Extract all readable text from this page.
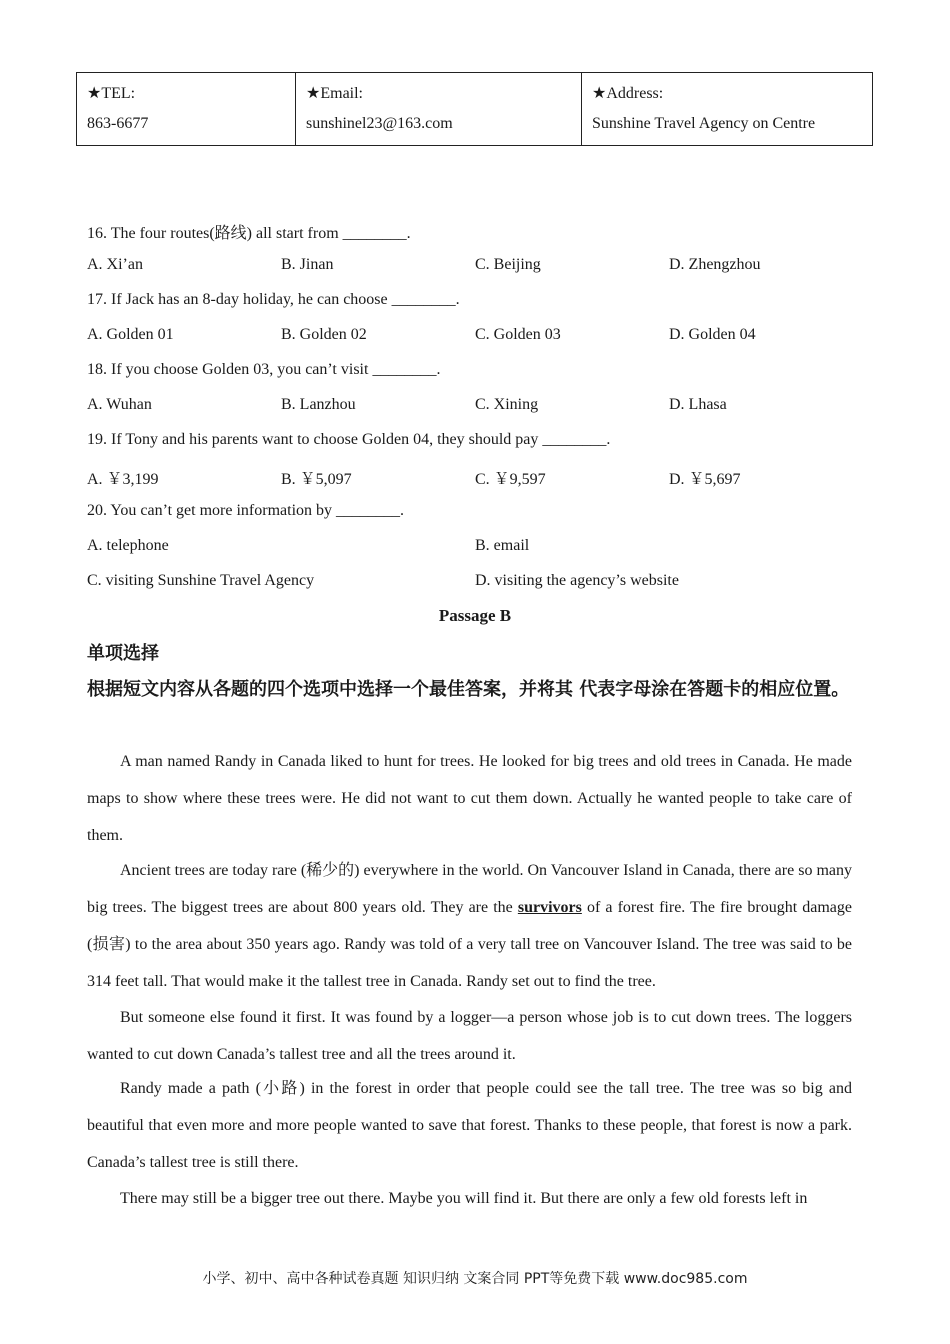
★TEL:
863-6677

★Email:
sunshinel23@163.com

★Address:
Sunshine Travel Agency on Centre
16. The four routes(路线) all start from ________.
A. Xi’an	B. Jinan	C. Beijing	D. Zhengzhou
17. If Jack has an 8-day holiday, he can choose ________.
A. Golden 01	B. Golden 02	C. Golden 03	D. Golden 04
18. If you choose Golden 03, you can’t visit ________.
A. Wuhan	B. Lanzhou	C. Xining	D. Lhasa
19. If Tony and his parents want to choose Golden 04, they should pay ________.
A. ￥3,199	B. ￥5,097	C. ￥9,597	D. ￥5,697
20. You can’t get more information by ________.
A. telephone	B. email
C. visiting Sunshine Travel Agency	D. visiting the agency’s website
Passage B
单项选择
根据短文内容从各题的四个选项中选择一个最佳答案，并将其 代表字母涂在答题卡的相应位置。
A man named Randy in Canada liked to hunt for trees. He looked for big trees and old trees in Canada. He made maps to show where these trees were. He did not want to cut them down. Actually he wanted people to take care of them.
Ancient trees are today rare (稀少的) everywhere in the world. On Vancouver Island in Canada, there are so many big trees. The biggest trees are about 800 years old. They are the survivors of a forest fire. The fire brought damage (损害) to the area about 350 years ago. Randy was told of a very tall tree on Vancouver Island. The tree was said to be 314 feet tall. That would make it the tallest tree in Canada. Randy set out to find the tree.
But someone else found it first. It was found by a logger—a person whose job is to cut down trees. The loggers wanted to cut down Canada’s tallest tree and all the trees around it.
Randy made a path (小路) in the forest in order that people could see the tall tree. The tree was so big and beautiful that even more and more people wanted to save that forest. Thanks to these people, that forest is now a park. Canada’s tallest tree is still there.
There may still be a bigger tree out there. Maybe you will find it. But there are only a few old forests left in
小学、初中、高中各种试卷真题 知识归纳 文案合同 PPT等免费下载 www.doc985.com
